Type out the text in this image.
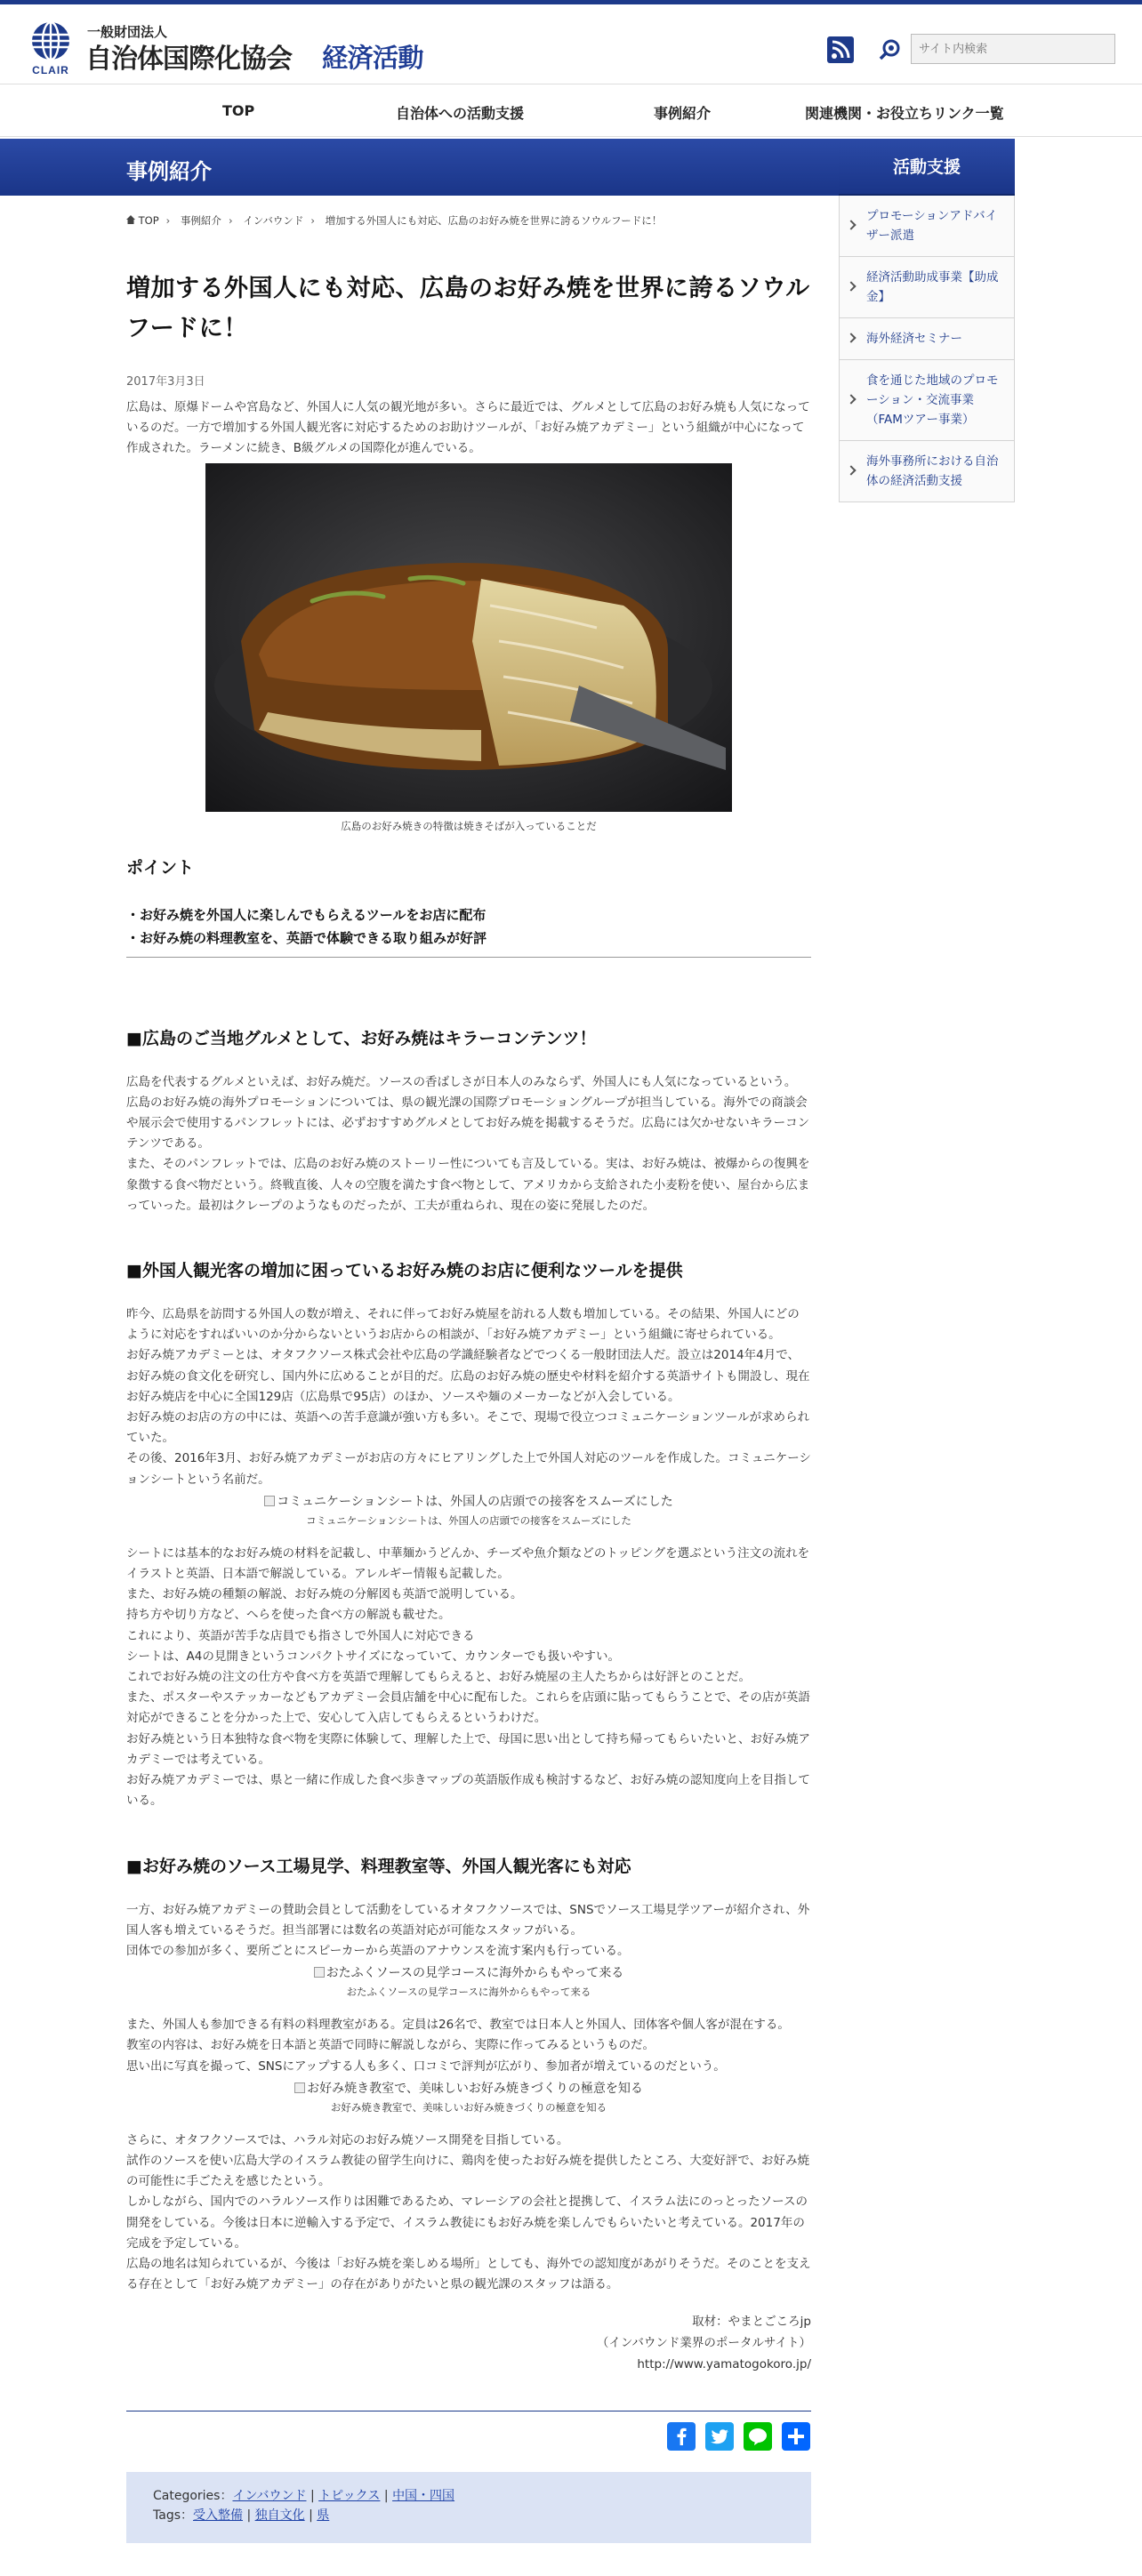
CLAIR
一般財団法人
自治体国際化協会 経済活動
サイト内検索
TOP	自治体への活動支援	事例紹介	関連機関・お役立ちリンク一覧
事例紹介	活動支援
プロモーションアドバイザー派遣
経済活動助成事業【助成金】
海外経済セミナー
食を通じた地域のプロモーション・交流事業（FAMツアー事業）
海外事務所における自治体の経済活動支援
TOP › 事例紹介 › インバウンド › 増加する外国人にも対応、広島のお好み焼を世界に誇るソウルフードに！
増加する外国人にも対応、広島のお好み焼を世界に誇るソウルフードに！
2017年3月3日

広島は、原爆ドームや宮島など、外国人に人気の観光地が多い。さらに最近では、グルメとして広島のお好み焼も人気になっているのだ。一方で増加する外国人観光客に対応するためのお助けツールが、「お好み焼アカデミー」という組織が中心になって作成された。ラーメンに続き、B級グルメの国際化が進んでいる。

広島のお好み焼きの特徴は焼きそばが入っていることだ
ポイント
・お好み焼を外国人に楽しんでもらえるツールをお店に配布
・お好み焼の料理教室を、英語で体験できる取り組みが好評
■広島のご当地グルメとして、お好み焼はキラーコンテンツ！

広島を代表するグルメといえば、お好み焼だ。ソースの香ばしさが日本人のみならず、外国人にも人気になっているという。

広島のお好み焼の海外プロモーションについては、県の観光課の国際プロモーショングループが担当している。海外での商談会や展示会で使用するパンフレットには、必ずおすすめグルメとしてお好み焼を掲載するそうだ。広島には欠かせないキラーコンテンツである。

また、そのパンフレットでは、広島のお好み焼のストーリー性についても言及している。実は、お好み焼は、被爆からの復興を象徴する食べ物だという。終戦直後、人々の空腹を満たす食べ物として、アメリカから支給された小麦粉を使い、屋台から広まっていった。最初はクレープのようなものだったが、工夫が重ねられ、現在の姿に発展したのだ。

■外国人観光客の増加に困っているお好み焼のお店に便利なツールを提供

昨今、広島県を訪問する外国人の数が増え、それに伴ってお好み焼屋を訪れる人数も増加している。その結果、外国人にどのように対応をすればいいのか分からないというお店からの相談が、「お好み焼アカデミー」という組織に寄せられている。

お好み焼アカデミーとは、オタフクソース株式会社や広島の学識経験者などでつくる一般財団法人だ。設立は2014年4月で、お好み焼の食文化を研究し、国内外に広めることが目的だ。広島のお好み焼の歴史や材料を紹介する英語サイトも開設し、現在お好み焼店を中心に全国129店（広島県で95店）のほか、ソースや麺のメーカーなどが入会している。

お好み焼のお店の方の中には、英語への苦手意識が強い方も多い。そこで、現場で役立つコミュニケーションツールが求められていた。

その後、2016年3月、お好み焼アカデミーがお店の方々にヒアリングした上で外国人対応のツールを作成した。コミュニケーションシートという名前だ。

コミュニケーションシートは、外国人の店頭での接客をスムーズにした
コミュニケーションシートは、外国人の店頭での接客をスムーズにした

シートには基本的なお好み焼の材料を記載し、中華麺かうどんか、チーズや魚介類などのトッピングを選ぶという注文の流れをイラストと英語、日本語で解説している。アレルギー情報も記載した。

また、お好み焼の種類の解説、お好み焼の分解図も英語で説明している。

持ち方や切り方など、へらを使った食べ方の解説も載せた。

これにより、英語が苦手な店員でも指さしで外国人に対応できる

シートは、A4の見開きというコンパクトサイズになっていて、カウンターでも扱いやすい。

これでお好み焼の注文の仕方や食べ方を英語で理解してもらえると、お好み焼屋の主人たちからは好評とのことだ。

また、ポスターやステッカーなどもアカデミー会員店舗を中心に配布した。これらを店頭に貼ってもらうことで、その店が英語対応ができることを分かった上で、安心して入店してもらえるというわけだ。

お好み焼という日本独特な食べ物を実際に体験して、理解した上で、母国に思い出として持ち帰ってもらいたいと、お好み焼アカデミーでは考えている。

お好み焼アカデミーでは、県と一緒に作成した食べ歩きマップの英語版作成も検討するなど、お好み焼の認知度向上を目指している。

■お好み焼のソース工場見学、料理教室等、外国人観光客にも対応

一方、お好み焼アカデミーの賛助会員として活動をしているオタフクソースでは、SNSでソース工場見学ツアーが紹介され、外国人客も増えているそうだ。担当部署には数名の英語対応が可能なスタッフがいる。

団体での参加が多く、要所ごとにスピーカーから英語のアナウンスを流す案内も行っている。

おたふくソースの見学コースに海外からもやって来る
おたふくソースの見学コースに海外からもやって来る

また、外国人も参加できる有料の料理教室がある。定員は26名で、教室では日本人と外国人、団体客や個人客が混在する。

教室の内容は、お好み焼を日本語と英語で同時に解説しながら、実際に作ってみるというものだ。

思い出に写真を撮って、SNSにアップする人も多く、口コミで評判が広がり、参加者が増えているのだという。

お好み焼き教室で、美味しいお好み焼きづくりの極意を知る
お好み焼き教室で、美味しいお好み焼きづくりの極意を知る

さらに、オタフクソースでは、ハラル対応のお好み焼ソース開発を目指している。

試作のソースを使い広島大学のイスラム教徒の留学生向けに、鶏肉を使ったお好み焼を提供したところ、大変好評で、お好み焼の可能性に手ごたえを感じたという。

しかしながら、国内でのハラルソース作りは困難であるため、マレーシアの会社と提携して、イスラム法にのっとったソースの開発をしている。今後は日本に逆輸入する予定で、イスラム教徒にもお好み焼を楽しんでもらいたいと考えている。2017年の完成を予定している。

広島の地名は知られているが、今後は「お好み焼を楽しめる場所」としても、海外での認知度があがりそうだ。そのことを支える存在として「お好み焼アカデミー」の存在がありがたいと県の観光課のスタッフは語る。

取材：やまとごころjp
（インバウンド業界のポータルサイト）
http://www.yamatogokoro.jp/
Categories：インバウンド | トピックス | 中国・四国
Tags：受入整備 | 独自文化 | 県
